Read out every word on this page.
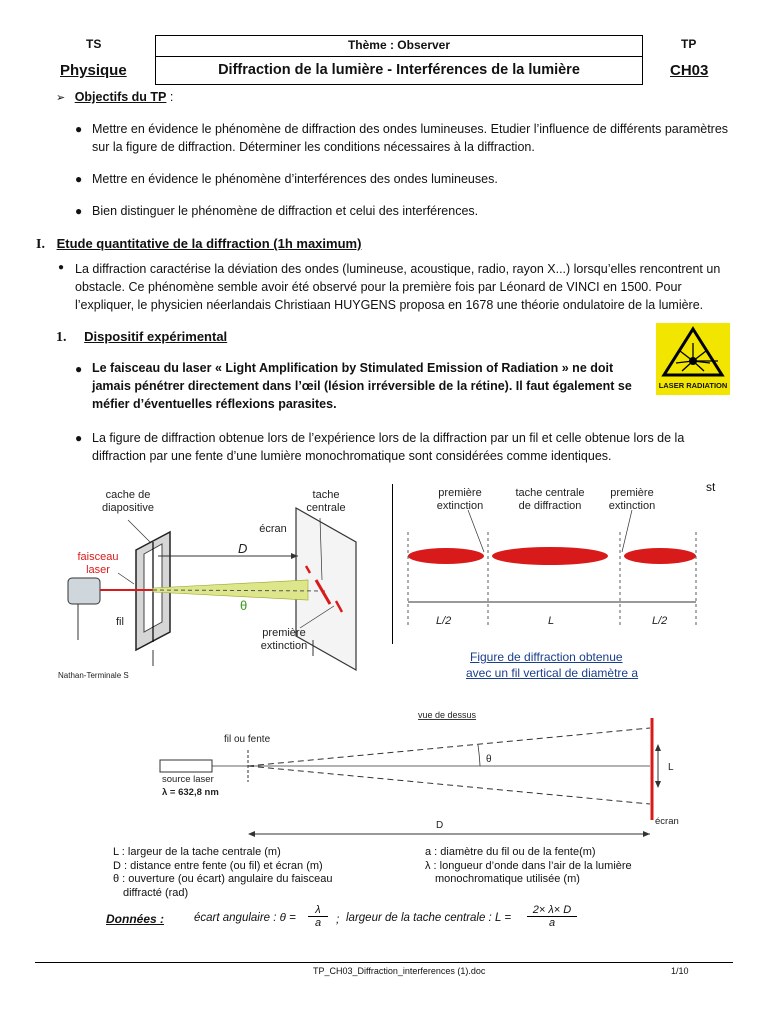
TS
Physique
Thème : Observer
Diffraction de la lumière - Interférences de la lumière
TP
CH03
➢ Objectifs du TP :
● Mettre en évidence le phénomène de diffraction des ondes lumineuses. Etudier l’influence de différents paramètres sur la figure de diffraction. Déterminer les conditions nécessaires à la diffraction.

● Mettre en évidence le phénomène d’interférences des ondes lumineuses.

● Bien distinguer le phénomène de diffraction et celui des interférences.

I. Etude quantitative de la diffraction (1h maximum)
● La diffraction caractérise la déviation des ondes (lumineuse, acoustique, radio, rayon X...) lorsqu’elles rencontrent un obstacle. Ce phénomène semble avoir été observé pour la première fois par Léonard de VINCI en 1500. Pour l’expliquer, le physicien néerlandais Christiaan HUYGENS proposa en 1678 une théorie ondulatoire de la lumière.

1. Dispositif expérimental
● Le faisceau du laser « Light Amplification by Stimulated Emission of Radiation » ne doit jamais pénétrer directement dans l’œil (lésion irréversible de la rétine). Il faut également se méfier d’éventuelles réflexions parasites.

LASER RADIATION
● La figure de diffraction obtenue lors de l’expérience lors de la diffraction par un fil et celle obtenue lors de la diffraction par une fente d’une lumière monochromatique sont considérées comme identiques.

st
cache de diapositive
tache centrale
écran
faisceau laser
D
θ
fil
première extinction
Nathan-Terminale S
première extinction
tache centrale de diffraction
première extinction
L/2	L	L/2
Figure de diffraction obtenue
avec un fil vertical de diamètre a
vue de dessus
fil ou fente
source laser
λ = 632,8 nm
θ
L
D	écran
L : largeur de la tache centrale (m)
D : distance entre fente (ou fil) et écran (m)
θ : ouverture (ou écart) angulaire du faisceau
diffracté (rad)
a : diamètre du fil ou de la fente(m)
λ : longueur d’onde dans l’air de la lumière
monochromatique utilisée (m)
Données :	écart angulaire : $\theta = \frac{\lambda}{a}$ ; largeur de la tache centrale : $L = \frac{2\times \lambda\times D}{a}$
TP_CH03_Diffraction_interferences (1).doc	1/10
